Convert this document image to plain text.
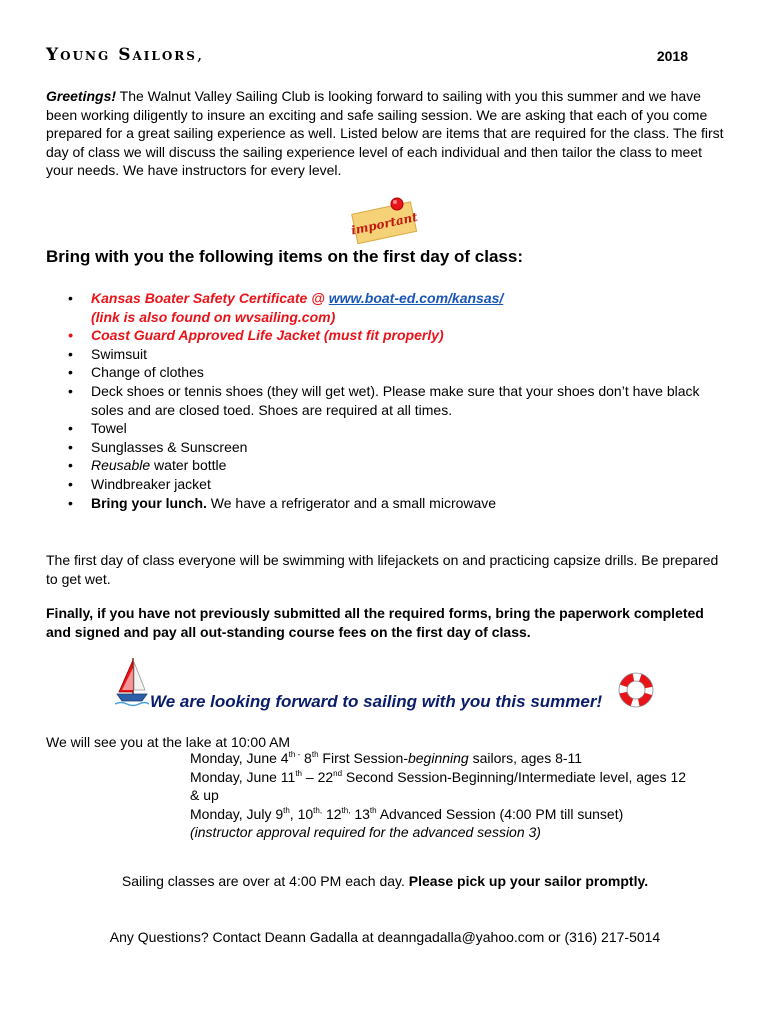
Young Sailors,	2018
Greetings! The Walnut Valley Sailing Club is looking forward to sailing with you this summer and we have been working diligently to insure an exciting and safe sailing session. We are asking that each of you come prepared for a great sailing experience as well. Listed below are items that are required for the class. The first day of class we will discuss the sailing experience level of each individual and then tailor the class to meet your needs. We have instructors for every level.
important
Bring with you the following items on the first day of class:
• Kansas Boater Safety Certificate @ www.boat-ed.com/kansas/
(link is also found on wvsailing.com)
• Coast Guard Approved Life Jacket (must fit properly)
• Swimsuit
• Change of clothes
• Deck shoes or tennis shoes (they will get wet). Please make sure that your shoes don’t have black soles and are closed toed. Shoes are required at all times.
• Towel
• Sunglasses & Sunscreen
• Reusable water bottle
• Windbreaker jacket
• Bring your lunch. We have a refrigerator and a small microwave
The first day of class everyone will be swimming with lifejackets on and practicing capsize drills. Be prepared to get wet.
Finally, if you have not previously submitted all the required forms, bring the paperwork completed and signed and pay all out-standing course fees on the first day of class.
We are looking forward to sailing with you this summer!
We will see you at the lake at 10:00 AM
Monday, June $4^{th -}$ 8th First Session-beginning sailors, ages 8-11
Monday, June 11th – 22nd Second Session-Beginning/Intermediate level, ages 12 & up
Monday, July 9th, $10^{th,}$ $12^{th,}$ 13th Advanced Session (4:00 PM till sunset)
(instructor approval required for the advanced session 3)
Sailing classes are over at 4:00 PM each day. Please pick up your sailor promptly.
Any Questions? Contact Deann Gadalla at deanngadalla@yahoo.com or (316) 217-5014
